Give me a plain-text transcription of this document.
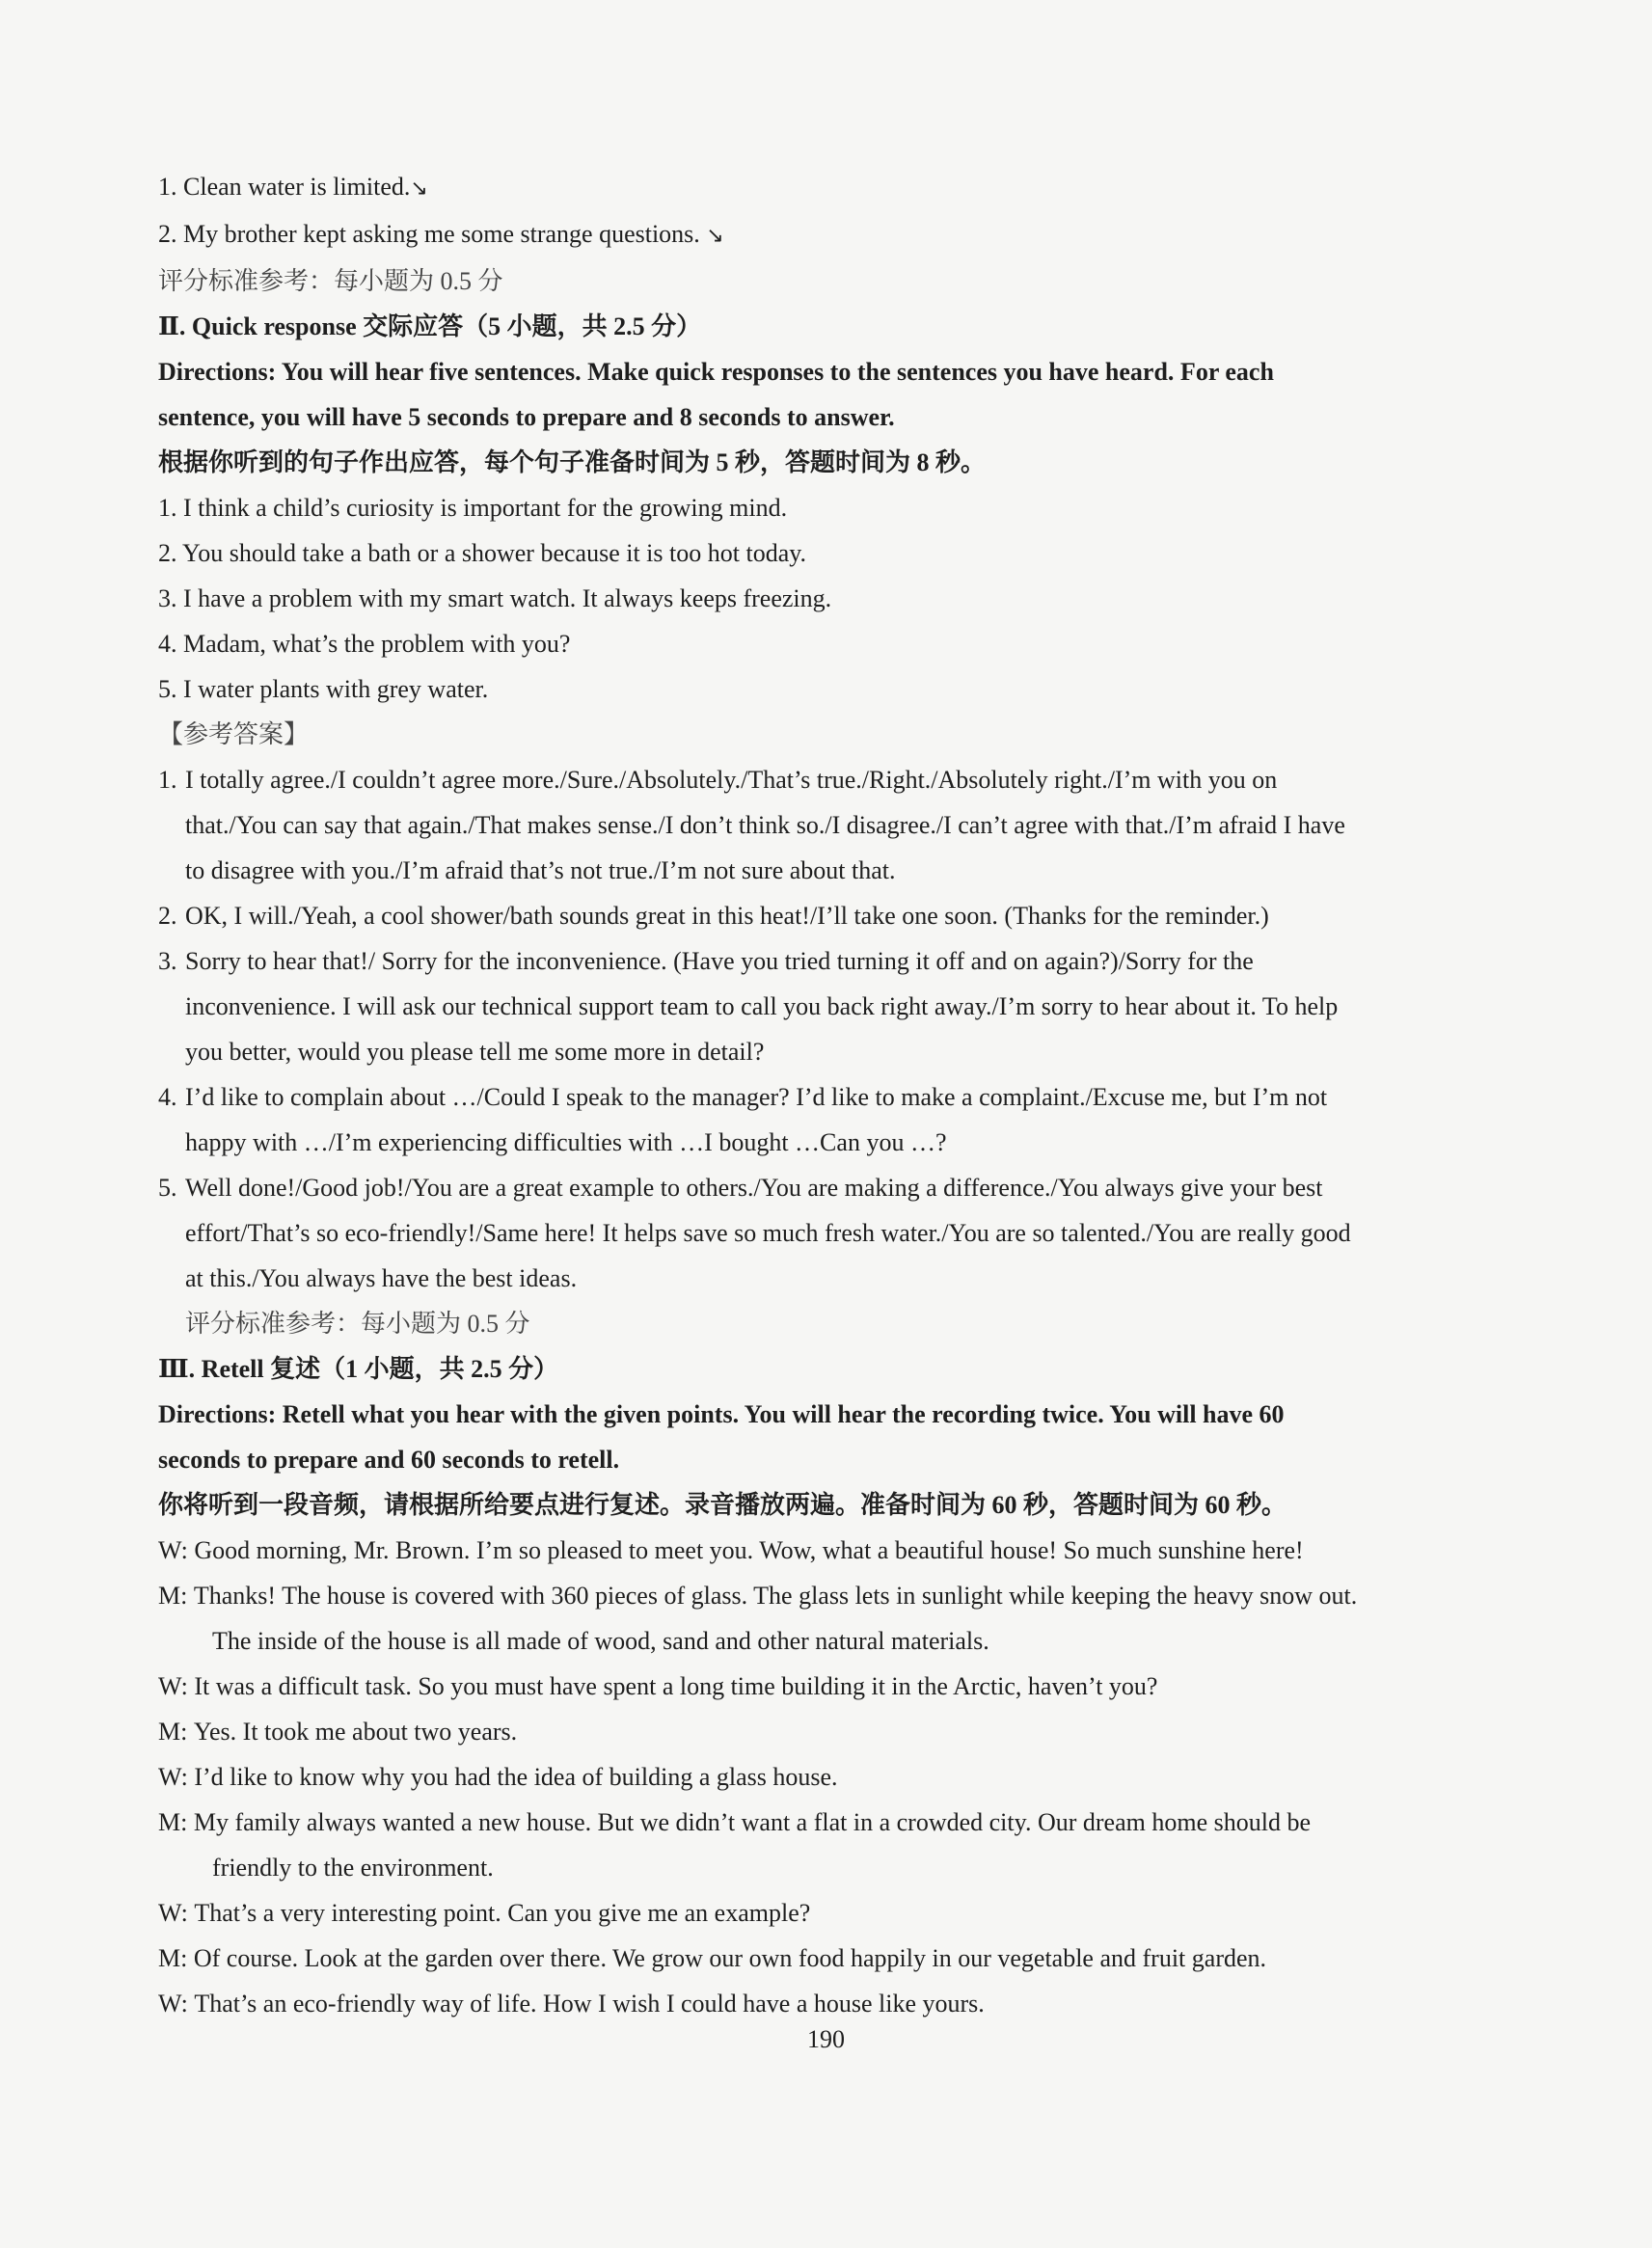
1. Clean water is limited.↘

2. My brother kept asking me some strange questions. ↘

评分标准参考：每小题为 0.5 分

Ⅱ. Quick response 交际应答（5 小题，共 2.5 分）

Directions: You will hear five sentences. Make quick responses to the sentences you have heard. For each

sentence, you will have 5 seconds to prepare and 8 seconds to answer.

根据你听到的句子作出应答，每个句子准备时间为 5 秒，答题时间为 8 秒。

1. I think a child’s curiosity is important for the growing mind.

2. You should take a bath or a shower because it is too hot today.

3. I have a problem with my smart watch. It always keeps freezing.

4. Madam, what’s the problem with you?

5. I water plants with grey water.

【参考答案】

1. I totally agree./I couldn’t agree more./Sure./Absolutely./That’s true./Right./Absolutely right./I’m with you on
that./You can say that again./That makes sense./I don’t think so./I disagree./I can’t agree with that./I’m afraid I have
to disagree with you./I’m afraid that’s not true./I’m not sure about that.
2. OK, I will./Yeah, a cool shower/bath sounds great in this heat!/I’ll take one soon. (Thanks for the reminder.)
3. Sorry to hear that!/ Sorry for the inconvenience. (Have you tried turning it off and on again?)/Sorry for the
inconvenience. I will ask our technical support team to call you back right away./I’m sorry to hear about it. To help
you better, would you please tell me some more in detail?
4. I’d like to complain about …/Could I speak to the manager? I’d like to make a complaint./Excuse me, but I’m not
happy with …/I’m experiencing difficulties with …I bought …Can you …?
5. Well done!/Good job!/You are a great example to others./You are making a difference./You always give your best
effort/That’s so eco-friendly!/Same here! It helps save so much fresh water./You are so talented./You are really good
at this./You always have the best ideas.

评分标准参考：每小题为 0.5 分

Ⅲ. Retell 复述（1 小题，共 2.5 分）

Directions: Retell what you hear with the given points. You will hear the recording twice. You will have 60

seconds to prepare and 60 seconds to retell.

你将听到一段音频，请根据所给要点进行复述。录音播放两遍。准备时间为 60 秒，答题时间为 60 秒。

W: Good morning, Mr. Brown. I’m so pleased to meet you. Wow, what a beautiful house! So much sunshine here!
M: Thanks! The house is covered with 360 pieces of glass. The glass lets in sunlight while keeping the heavy snow out.

The inside of the house is all made of wood, sand and other natural materials.

W: It was a difficult task. So you must have spent a long time building it in the Arctic, haven’t you?
M: Yes. It took me about two years.
W: I’d like to know why you had the idea of building a glass house.
M: My family always wanted a new house. But we didn’t want a flat in a crowded city. Our dream home should be

friendly to the environment.

W: That’s a very interesting point. Can you give me an example?
M: Of course. Look at the garden over there. We grow our own food happily in our vegetable and fruit garden.
W: That’s an eco-friendly way of life. How I wish I could have a house like yours.
190
